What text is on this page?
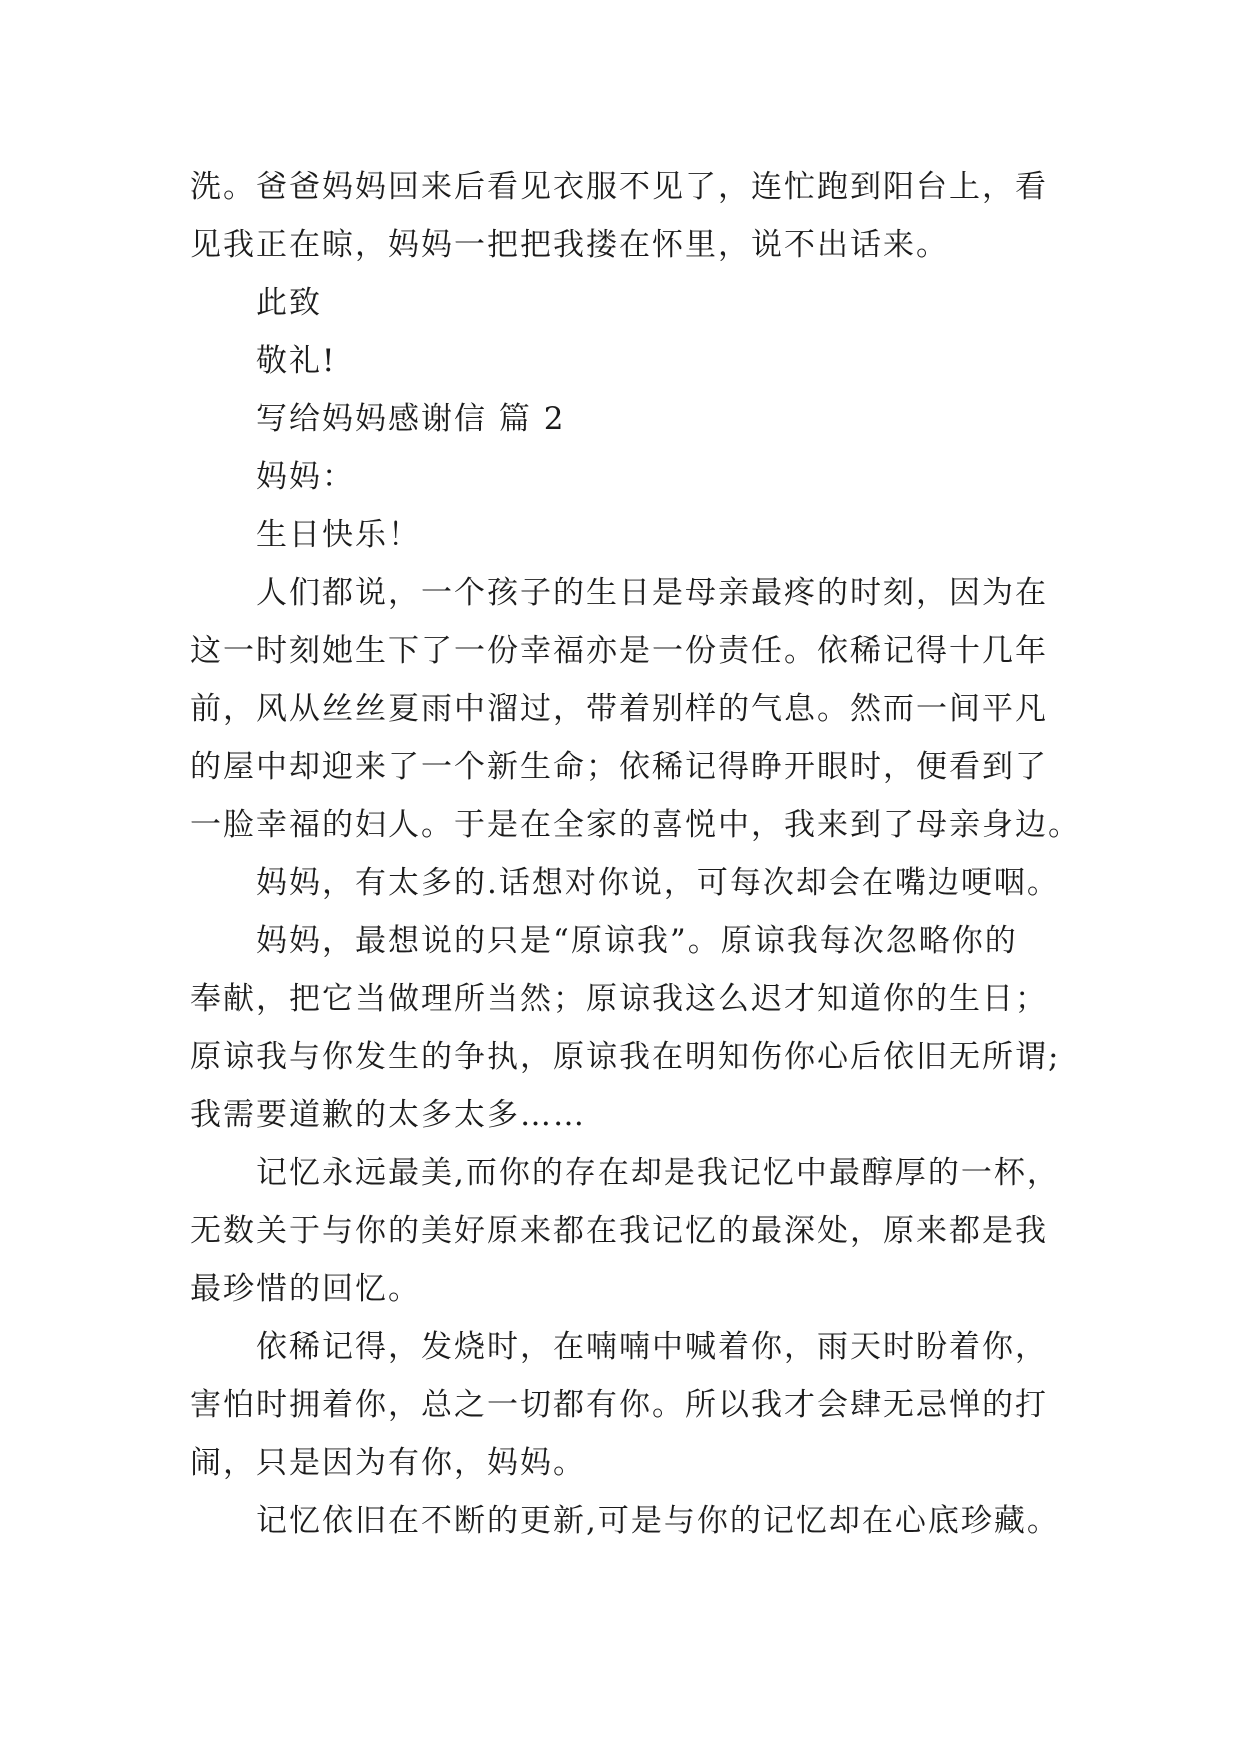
洗。爸爸妈妈回来后看见衣服不见了，连忙跑到阳台上，看
见我正在晾，妈妈一把把我搂在怀里，说不出话来。
此致
敬礼!
写给妈妈感谢信 篇 2
妈妈：
生日快乐！
人们都说，一个孩子的生日是母亲最疼的时刻，因为在
这一时刻她生下了一份幸福亦是一份责任。依稀记得十几年
前，风从丝丝夏雨中溜过，带着别样的气息。然而一间平凡
的屋中却迎来了一个新生命；依稀记得睁开眼时，便看到了
一脸幸福的妇人。于是在全家的喜悦中，我来到了母亲身边。
妈妈，有太多的.话想对你说，可每次却会在嘴边哽咽。
妈妈，最想说的只是“原谅我”。原谅我每次忽略你的
奉献，把它当做理所当然；原谅我这么迟才知道你的生日；
原谅我与你发生的争执，原谅我在明知伤你心后依旧无所谓;
我需要道歉的太多太多……
记忆永远最美,而你的存在却是我记忆中最醇厚的一杯，
无数关于与你的美好原来都在我记忆的最深处，原来都是我
最珍惜的回忆。
依稀记得，发烧时，在喃喃中喊着你，雨天时盼着你，
害怕时拥着你，总之一切都有你。所以我才会肆无忌惮的打
闹，只是因为有你，妈妈。
记忆依旧在不断的更新,可是与你的记忆却在心底珍藏。
